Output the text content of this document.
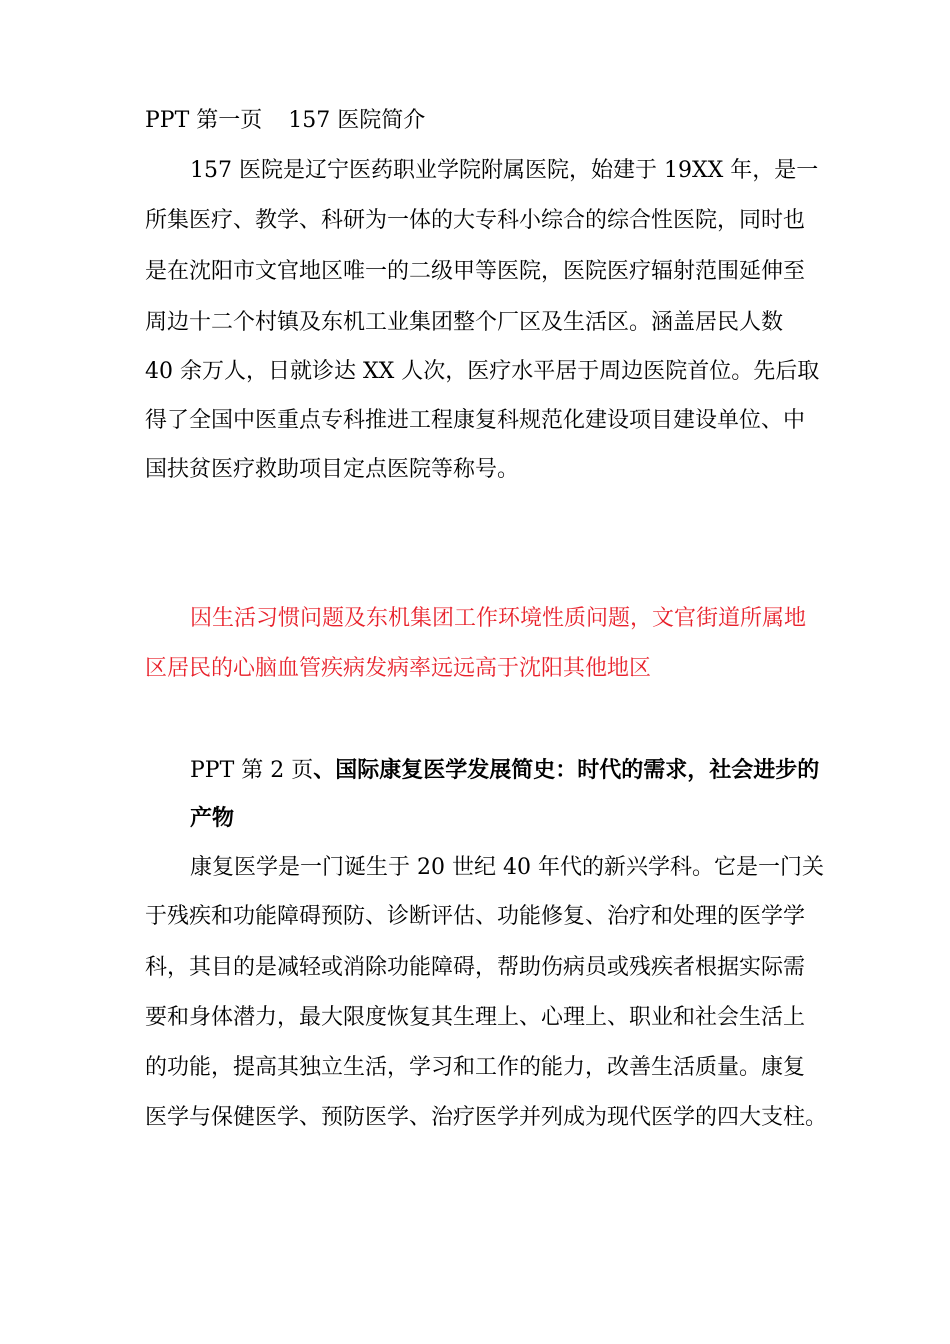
PPT 第一页 157 医院简介
157 医院是辽宁医药职业学院附属医院，始建于 19XX 年，是一
所集医疗、教学、科研为一体的大专科小综合的综合性医院，同时也
是在沈阳市文官地区唯一的二级甲等医院，医院医疗辐射范围延伸至
周边十二个村镇及东机工业集团整个厂区及生活区。涵盖居民人数
40 余万人，日就诊达 XX 人次，医疗水平居于周边医院首位。先后取
得了全国中医重点专科推进工程康复科规范化建设项目建设单位、中
国扶贫医疗救助项目定点医院等称号。
因生活习惯问题及东机集团工作环境性质问题，文官街道所属地
区居民的心脑血管疾病发病率远远高于沈阳其他地区
PPT 第 2 页、国际康复医学发展简史：时代的需求，社会进步的
产物
康复医学是一门诞生于 20 世纪 40 年代的新兴学科。它是一门关
于残疾和功能障碍预防、诊断评估、功能修复、治疗和处理的医学学
科，其目的是减轻或消除功能障碍，帮助伤病员或残疾者根据实际需
要和身体潜力，最大限度恢复其生理上、心理上、职业和社会生活上
的功能，提高其独立生活，学习和工作的能力，改善生活质量。康复
医学与保健医学、预防医学、治疗医学并列成为现代医学的四大支柱。
